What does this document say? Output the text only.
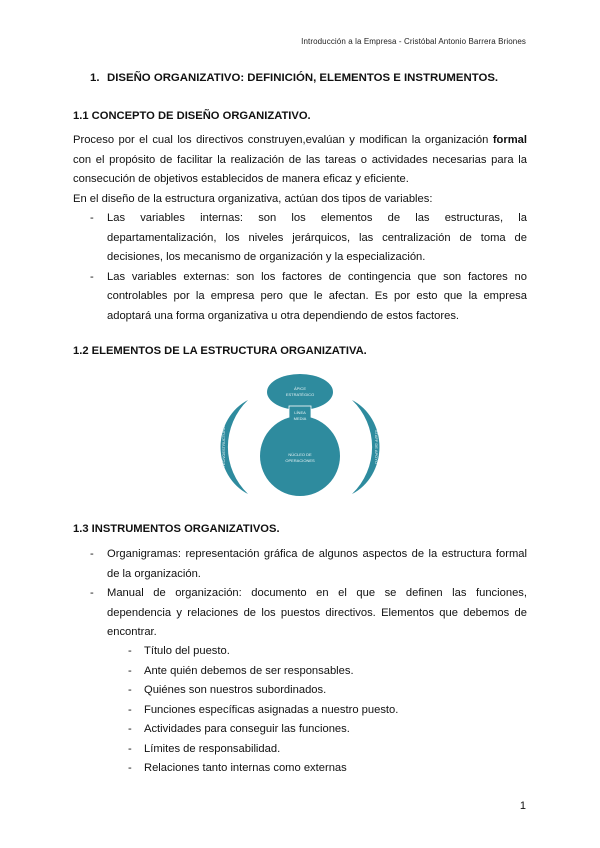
Introducción a la Empresa - Cristóbal Antonio Barrera Briones
1. DISEÑO ORGANIZATIVO: DEFINICIÓN, ELEMENTOS E INSTRUMENTOS.
1.1 CONCEPTO DE DISEÑO ORGANIZATIVO.
Proceso por el cual los directivos construyen,evalúan y modifican la organización formal
con el propósito de facilitar la realización de las tareas o actividades necesarias para la
consecución de objetivos establecidos de manera eficaz y eficiente.
En el diseño de la estructura organizativa, actúan dos tipos de variables:
- Las variables internas: son los elementos de las estructuras, la departamentalización, los niveles jerárquicos, las centralización de toma de decisiones, los mecanismo de organización y la especialización.
- Las variables externas: son los factores de contingencia que son factores no controlables por la empresa pero que le afectan. Es por esto que la empresa adoptará una forma organizativa u otra dependiendo de estos factores.
1.2 ELEMENTOS DE LA ESTRUCTURA ORGANIZATIVA.
ÁPICE
ESTRATÉGICO
LÍNEA
MEDIA
NÚCLEO DE
OPERACIONES
TECNOESTRUCTURA	STAFF DE APOYO
1.3 INSTRUMENTOS ORGANIZATIVOS.
- Organigramas: representación gráfica de algunos aspectos de la estructura formal de la organización.
- Manual de organización: documento en el que se definen las funciones, dependencia y relaciones de los puestos directivos. Elementos que debemos de encontrar.
- Título del puesto.
- Ante quién debemos de ser responsables.
- Quiénes son nuestros subordinados.
- Funciones específicas asignadas a nuestro puesto.
- Actividades para conseguir las funciones.
- Límites de responsabilidad.
- Relaciones tanto internas como externas
1
